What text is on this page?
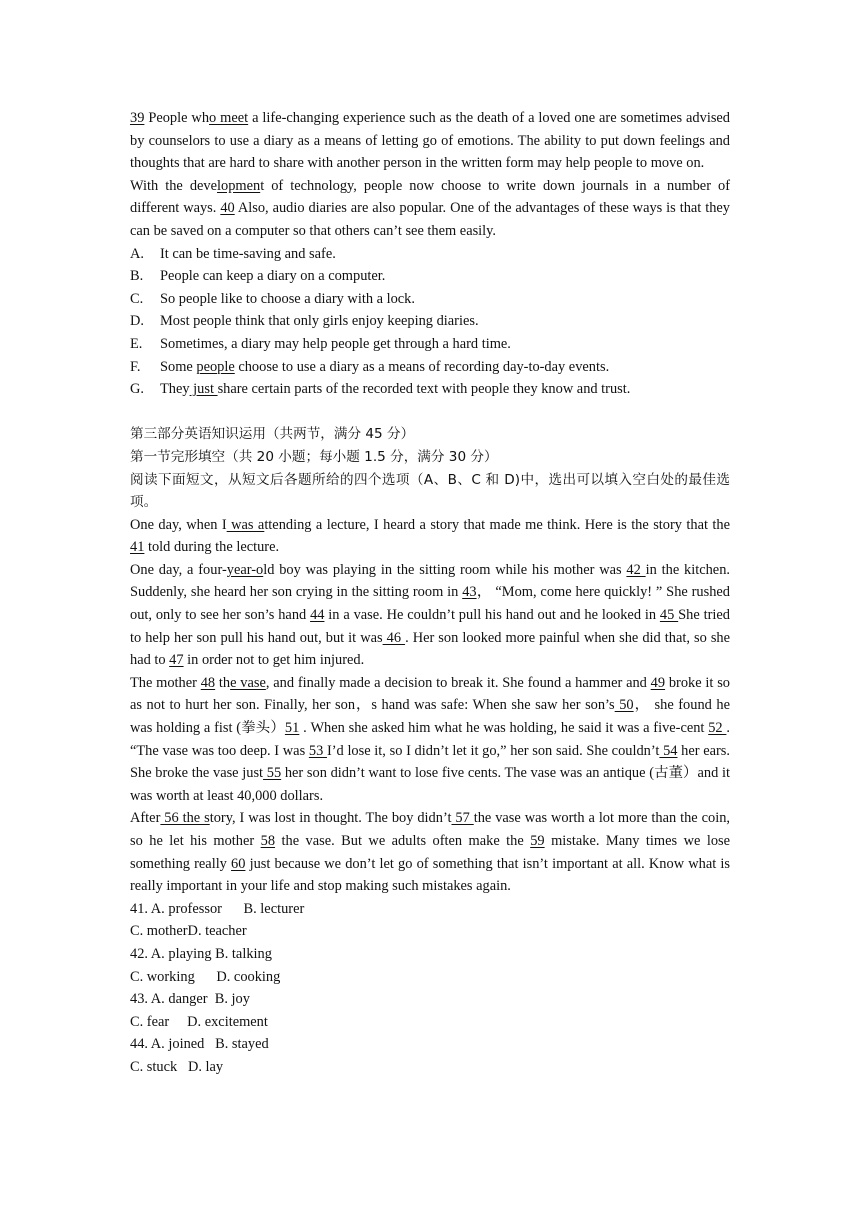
39 People who meet a life-changing experience such as the death of a loved one are sometimes advised by counselors to use a diary as a means of letting go of emotions. The ability to put down feelings and thoughts that are hard to share with another person in the written form may help people to move on.

With the development of technology, people now choose to write down journals in a number of different ways. 40 Also, audio diaries are also popular. One of the advantages of these ways is that they can be saved on a computer so that others can’t see them easily.

A.	It can be time-saving and safe.

B.	People can keep a diary on a computer.

C.	So people like to choose a diary with a lock.

D.	Most people think that only girls enjoy keeping diaries.

E.	Sometimes, a diary may help people get through a hard time.

F.	Some people choose to use a diary as a means of recording day-to-day events.

G.	They just share certain parts of the recorded text with people they know and trust.

第三部分英语知识运用（共两节，满分 45 分）

第一节完形填空（共 20 小题；每小题 1.5 分，满分 30 分）

阅读下面短文，从短文后各题所给的四个选项（A、B、C 和 D)中，选出可以填入空白处的最佳选项。

One day, when I was attending a lecture, I heard a story that made me think. Here is the story that the 41 told during the lecture.

One day, a four-year-old boy was playing in the sitting room while his mother was 42 in the kitchen. Suddenly, she heard her son crying in the sitting room in 43， “Mom, come here quickly! ” She rushed out, only to see her son’s hand 44 in a vase. He couldn’t pull his hand out and he looked in 45 She tried to help her son pull his hand out, but it was 46 . Her son looked more painful when she did that, so she had to 47 in order not to get him injured.

The mother 48 the vase, and finally made a decision to break it. She found a hammer and 49 broke it so as not to hurt her son. Finally, her son，s hand was safe: When she saw her son’s 50， she found he was holding a fist (拳头）51 . When she asked him what he was holding, he said it was a five-cent 52 . “The vase was too deep. I was 53 I’d lose it, so I didn’t let it go,” her son said. She couldn’t 54 her ears. She broke the vase just 55 her son didn’t want to lose five cents. The vase was an antique (古董）and it was worth at least 40,000 dollars.

After 56 the story, I was lost in thought. The boy didn’t 57 the vase was worth a lot more than the coin, so he let his mother 58 the vase. But we adults often make the 59 mistake. Many times we lose something really 60 just because we don’t let go of something that isn’t important at all. Know what is really important in your life and stop making such mistakes again.

41. A. professor      B. lecturer

C. motherD. teacher

42. A. playing B. talking

C. working      D. cooking

43. A. danger  B. joy

C. fear     D. excitement

44. A. joined   B. stayed

C. stuck   D. lay
